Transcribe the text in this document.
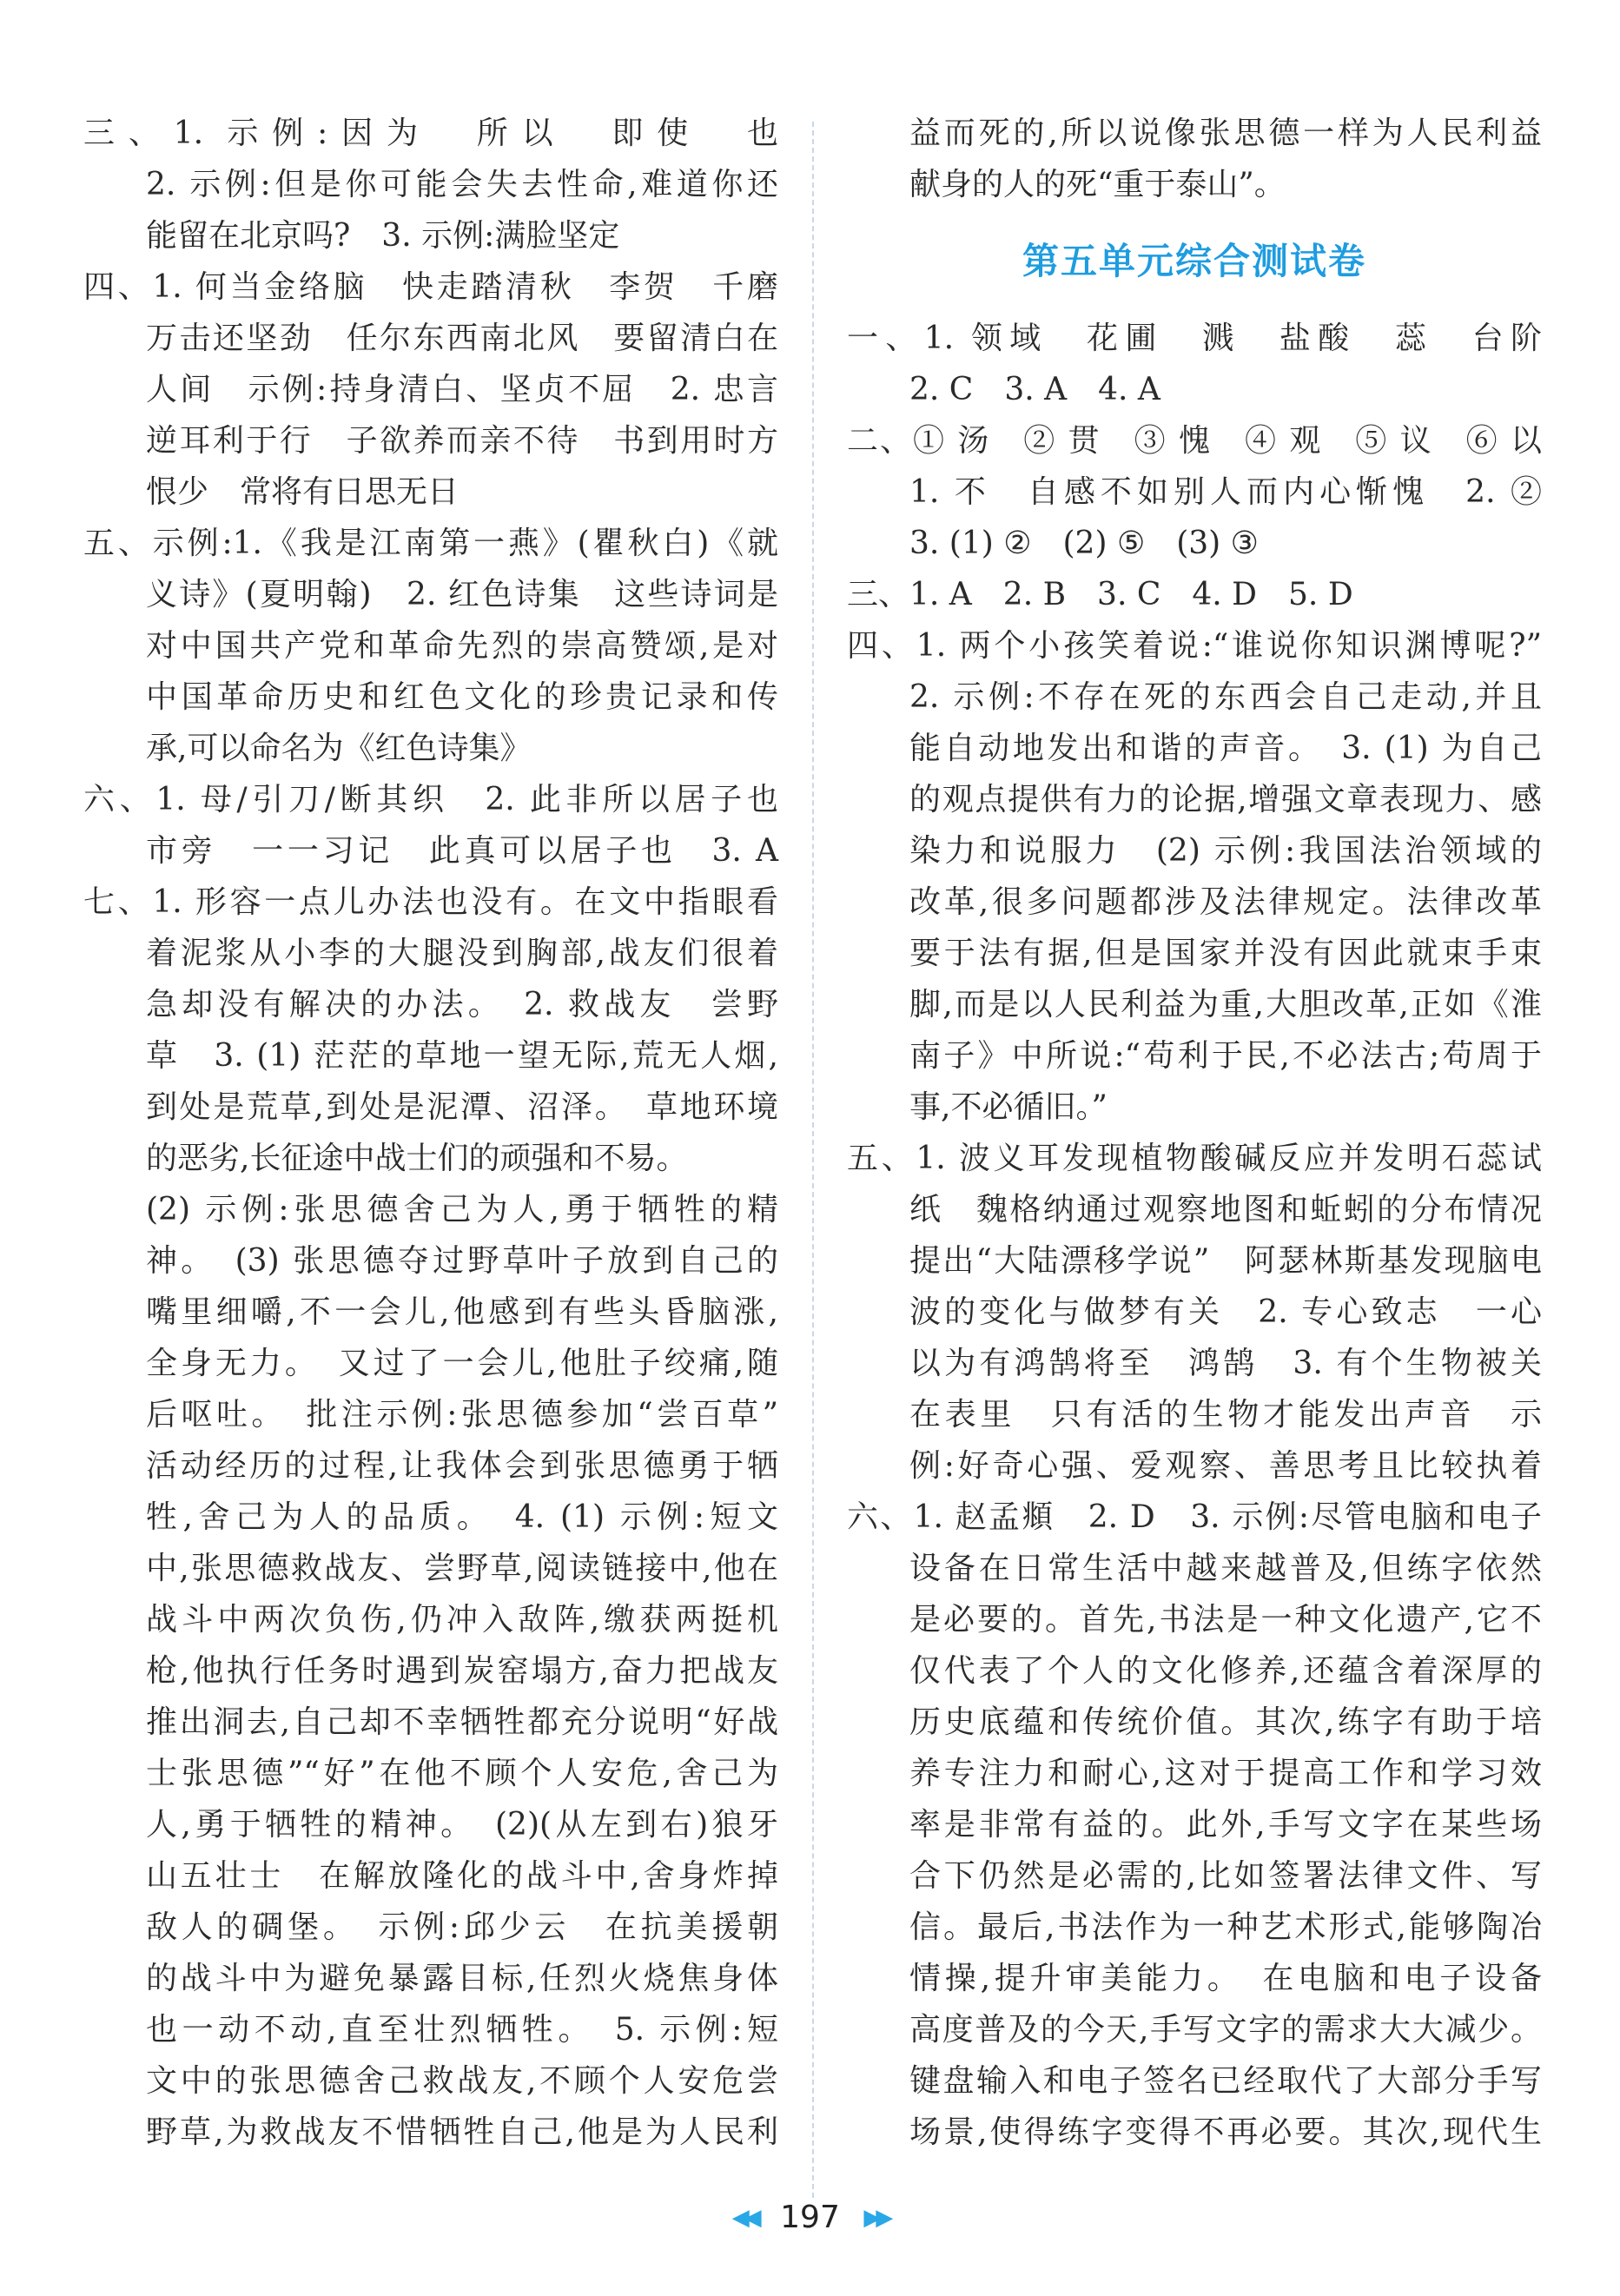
三、1. 示例:因为　所以　即使　也
2. 示例:但是你可能会失去性命,难道你还
能留在北京吗?　3. 示例:满脸坚定
四、1. 何当金络脑　快走踏清秋　李贺　千磨
万击还坚劲　任尔东西南北风　要留清白在
人间　示例:持身清白、坚贞不屈　2. 忠言
逆耳利于行　子欲养而亲不待　书到用时方
恨少　常将有日思无日
五、示例:1.《我是江南第一燕》(瞿秋白)《就
义诗》(夏明翰)　2. 红色诗集　这些诗词是
对中国共产党和革命先烈的崇高赞颂,是对
中国革命历史和红色文化的珍贵记录和传
承,可以命名为《红色诗集》
六、1. 母/引刀/断其织　2. 此非所以居子也
市旁　一一习记　此真可以居子也　3. A
七、1. 形容一点儿办法也没有。在文中指眼看
着泥浆从小李的大腿没到胸部,战友们很着
急却没有解决的办法。　2. 救战友　尝野
草　3. (1) 茫茫的草地一望无际,荒无人烟,
到处是荒草,到处是泥潭、沼泽。　草地环境
的恶劣,长征途中战士们的顽强和不易。
(2) 示例:张思德舍己为人,勇于牺牲的精
神。　(3) 张思德夺过野草叶子放到自己的
嘴里细嚼,不一会儿,他感到有些头昏脑涨,
全身无力。　又过了一会儿,他肚子绞痛,随
后呕吐。　批注示例:张思德参加“尝百草”
活动经历的过程,让我体会到张思德勇于牺
牲,舍己为人的品质。　4. (1) 示例:短文
中,张思德救战友、尝野草,阅读链接中,他在
战斗中两次负伤,仍冲入敌阵,缴获两挺机
枪,他执行任务时遇到炭窑塌方,奋力把战友
推出洞去,自己却不幸牺牲都充分说明“好战
士张思德”“好”在他不顾个人安危,舍己为
人,勇于牺牲的精神。　(2)(从左到右)狼牙
山五壮士　在解放隆化的战斗中,舍身炸掉
敌人的碉堡。　示例:邱少云　在抗美援朝
的战斗中为避免暴露目标,任烈火烧焦身体
也一动不动,直至壮烈牺牲。　5. 示例:短
文中的张思德舍己救战友,不顾个人安危尝
野草,为救战友不惜牺牲自己,他是为人民利
益而死的,所以说像张思德一样为人民利益
献身的人的死“重于泰山”。
第五单元综合测试卷
一、1. 领域　花圃　溅　盐酸　蕊　台阶
2. C　3. A　4. A
二、① 汤　② 贯　③ 愧　④ 观　⑤ 议　⑥ 以
1. 不　自感不如别人而内心惭愧　2. ②
3. (1) ②　(2) ⑤　(3) ③
三、1. A　2. B　3. C　4. D　5. D
四、1. 两个小孩笑着说:“谁说你知识渊博呢?”
2. 示例:不存在死的东西会自己走动,并且
能自动地发出和谐的声音。　3. (1) 为自己
的观点提供有力的论据,增强文章表现力、感
染力和说服力　(2) 示例:我国法治领域的
改革,很多问题都涉及法律规定。法律改革
要于法有据,但是国家并没有因此就束手束
脚,而是以人民利益为重,大胆改革,正如《淮
南子》中所说:“苟利于民,不必法古;苟周于
事,不必循旧。”
五、1. 波义耳发现植物酸碱反应并发明石蕊试
纸　魏格纳通过观察地图和蚯蚓的分布情况
提出“大陆漂移学说”　阿瑟林斯基发现脑电
波的变化与做梦有关　2. 专心致志　一心
以为有鸿鹄将至　鸿鹄　3. 有个生物被关
在表里　只有活的生物才能发出声音　示
例:好奇心强、爱观察、善思考且比较执着
六、1. 赵孟頫　2. D　3. 示例:尽管电脑和电子
设备在日常生活中越来越普及,但练字依然
是必要的。首先,书法是一种文化遗产,它不
仅代表了个人的文化修养,还蕴含着深厚的
历史底蕴和传统价值。其次,练字有助于培
养专注力和耐心,这对于提高工作和学习效
率是非常有益的。此外,手写文字在某些场
合下仍然是必需的,比如签署法律文件、写
信。最后,书法作为一种艺术形式,能够陶冶
情操,提升审美能力。　在电脑和电子设备
高度普及的今天,手写文字的需求大大减少。
键盘输入和电子签名已经取代了大部分手写
场景,使得练字变得不再必要。其次,现代生
◀◀ 197 ▶▶
